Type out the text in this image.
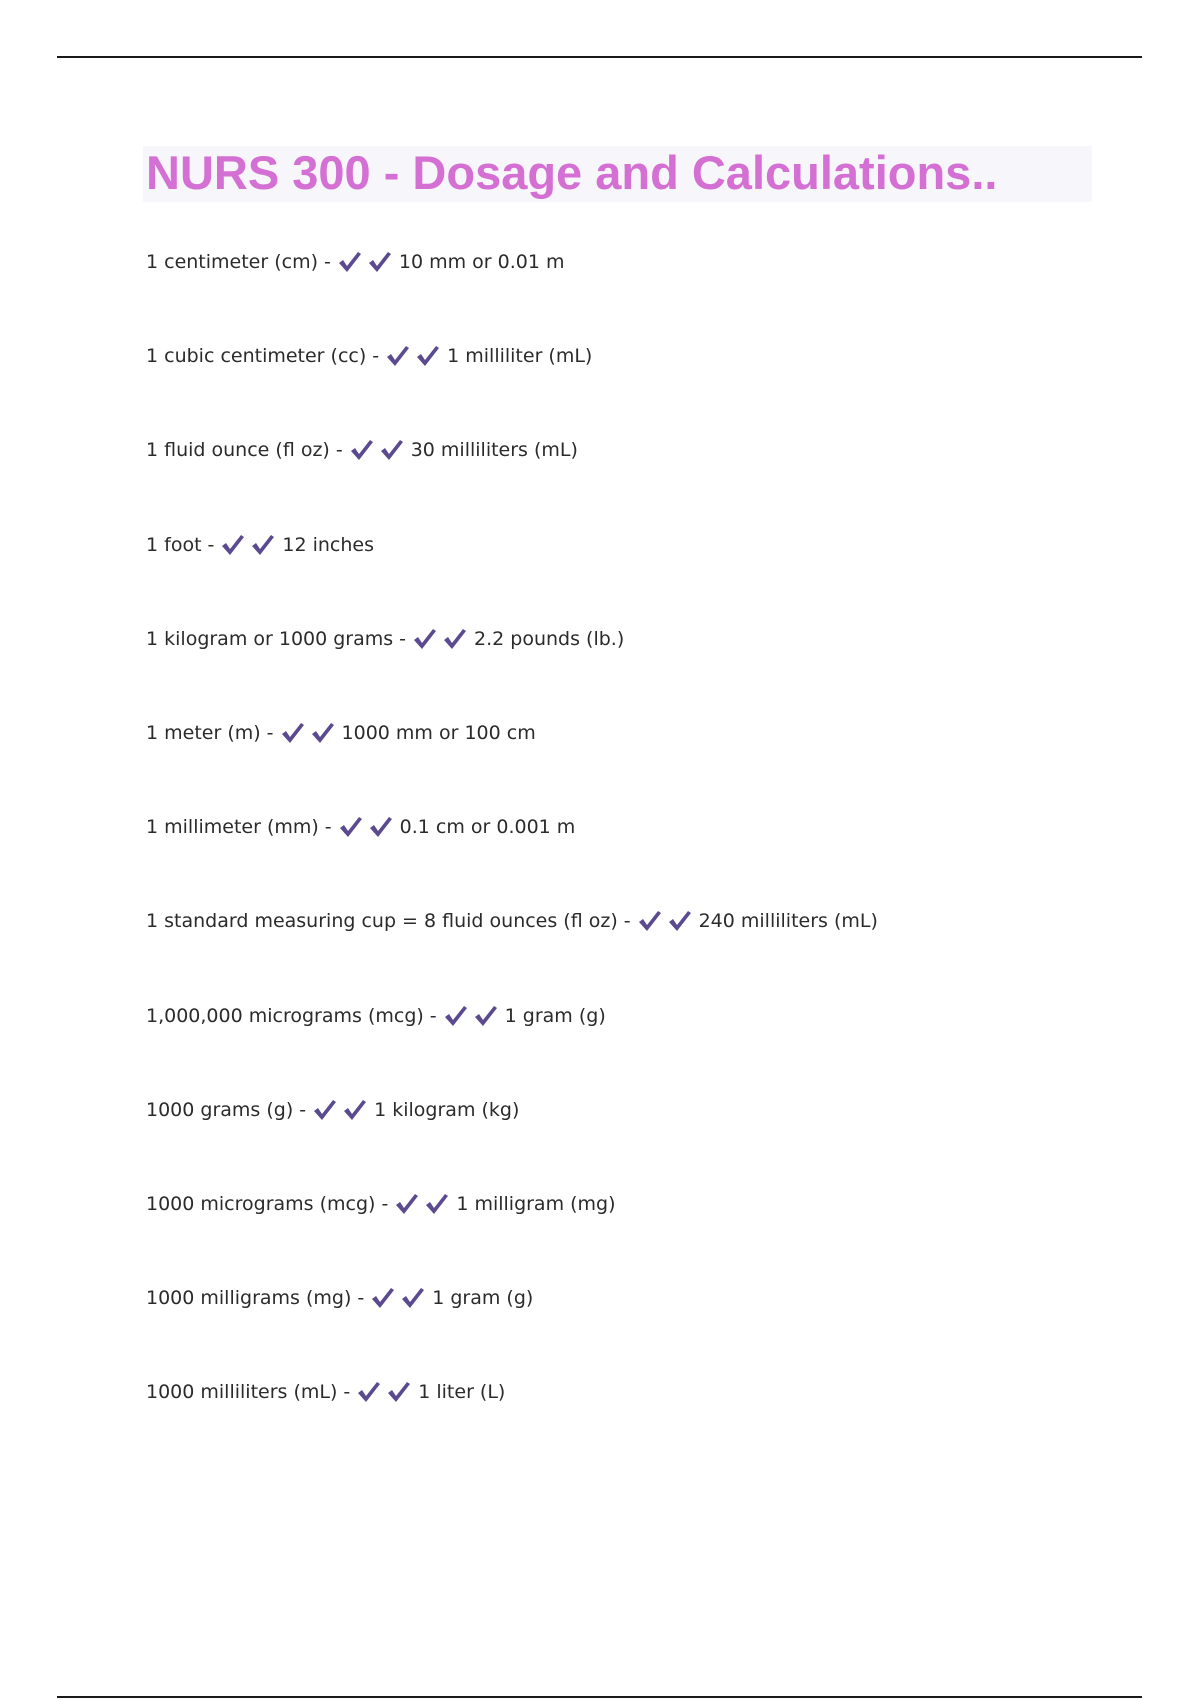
NURS 300 - Dosage and Calculations..
1 centimeter (cm) -	10 mm or 0.01 m
1 cubic centimeter (cc) -	1 milliliter (mL)
1 fluid ounce (fl oz) -	30 milliliters (mL)
1 foot -	12 inches
1 kilogram or 1000 grams -	2.2 pounds (lb.)
1 meter (m) -	1000 mm or 100 cm
1 millimeter (mm) -	0.1 cm or 0.001 m
1 standard measuring cup = 8 fluid ounces (fl oz) -	240 milliliters (mL)
1,000,000 micrograms (mcg) -	1 gram (g)
1000 grams (g) -	1 kilogram (kg)
1000 micrograms (mcg) -	1 milligram (mg)
1000 milligrams (mg) -	1 gram (g)
1000 milliliters (mL) -	1 liter (L)
